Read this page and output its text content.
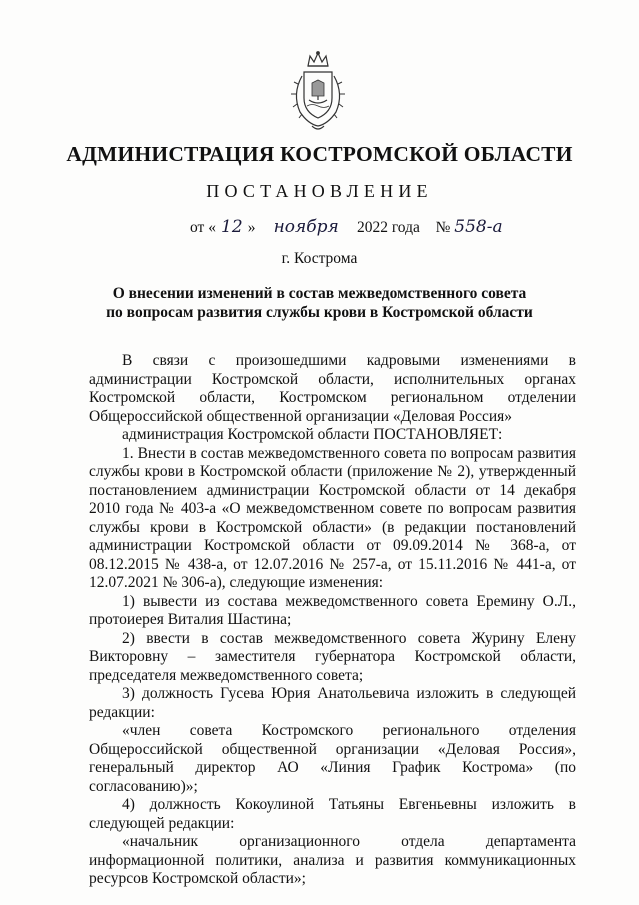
АДМИНИСТРАЦИЯ КОСТРОМСКОЙ ОБЛАСТИ
ПОСТАНОВЛЕНИЕ
от « 12 » ноября 2022 года № 558-а
г. Кострома
О внесении изменений в состав межведомственного совета
по вопросам развития службы крови в Костромской области

В связи с произошедшими кадровыми изменениями в администрации Костромской области, исполнительных органах Костромской области, Костромском региональном отделении Общероссийской общественной организации «Деловая Россия»

администрация Костромской области ПОСТАНОВЛЯЕТ:

1. Внести в состав межведомственного совета по вопросам развития службы крови в Костромской области (приложение № 2), утвержденный постановлением администрации Костромской области от 14 декабря 2010 года № 403-а «О межведомственном совете по вопросам развития службы крови в Костромской области» (в редакции постановлений администрации Костромской области от 09.09.2014 № 368-а, от 08.12.2015 № 438-а, от 12.07.2016 № 257-а, от 15.11.2016 № 441-а, от 12.07.2021 № 306-а), следующие изменения:

1) вывести из состава межведомственного совета Еремину О.Л., протоиерея Виталия Шастина;

2) ввести в состав межведомственного совета Журину Елену Викторовну – заместителя губернатора Костромской области, председателя межведомственного совета;

3) должность Гусева Юрия Анатольевича изложить в следующей редакции:

«член совета Костромского регионального отделения Общероссийской общественной организации «Деловая Россия», генеральный директор АО «Линия График Кострома» (по согласованию)»;

4) должность Кокоулиной Татьяны Евгеньевны изложить в следующей редакции:

«начальник организационного отдела департамента информационной политики, анализа и развития коммуникационных ресурсов Костромской области»;
